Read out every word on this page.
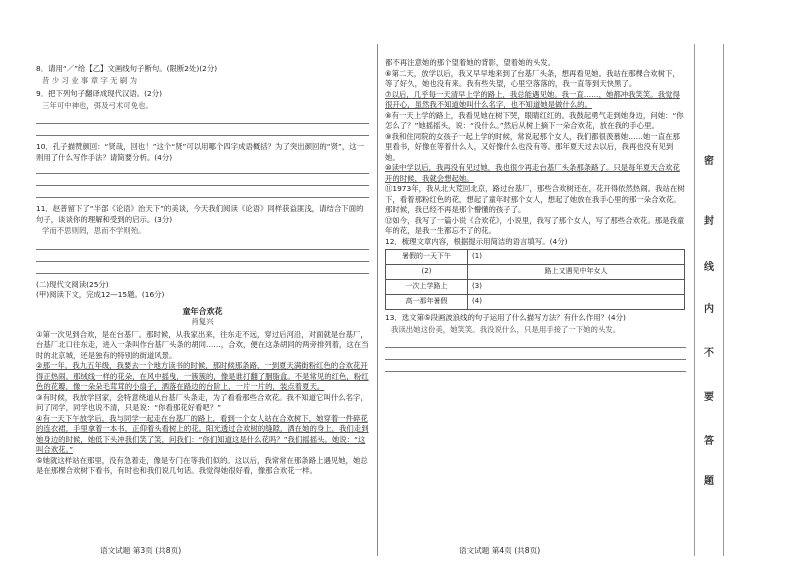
8．请用“／”给【乙】文画线句子断句。(限断2处)(2分)

昔 少 习 业 事 章 字 无 刷 为

9．把下列句子翻译成现代汉语。(2分)

三年可中神也，弭及弓术可免也。

10．孔子描赞颜回：“贤哉，回也！”这个“贤”可以用哪个四字成语概括？为了突出颜回的“贤”，这一则用了什么写作手法？请简要分析。(4分)

11．赵普留下了“半部《论语》治天下”的美谈，今天我们阅读《论语》同样获益匪浅，请结合下面的句子，谈谈你的理解和受到的启示。(3分)

学而不思则罔，思而不学则殆。

(二)现代文阅读(25分)

(甲)阅读下文，完成12—15题。(16分)

童年合欢花

肖复兴

①第一次见到合欢，是在台基厂。那时候，从我家出来，往东走不远，穿过后河沿，对面就是台基厂，台基厂北口往东走，进入一条叫作台基厂头条的胡同……，合欢，便在这条胡同的两旁排列着，这在当时的北京城，还是独有的特别的街道风景。

②那一年，我九五年级，我要去一个地方读书的时候，那时候那条路，一到夏天满街粉红色的合欢花开得正热闹。那绒线一样的花朵，在风中摇曳，一簇簇的，像是谁打翻了胭脂盒。不是常见的红色，粉红色的花瓣，像一朵朵毛茸茸的小扇子，洒落在路边的台阶上，一片一片的，装点着夏天。

③有时候，我放学回家，会特意绕道从台基厂头条走，为了看看那些合欢花。我不知道它叫什么名字，问了同学，同学也说不清，只是说：“你看那花好看吧？”

④有一天下午放学后，我与同学一起走在台基厂的路上，看到一个女人站在合欢树下，她穿着一件碎花的连衣裙，手里拿着一本书，正仰着头看树上的花。阳光透过合欢树的缝隙，洒在她的身上，我们走到她身边的时候，她低下头冲我们笑了笑，问我们：“你们知道这是什么花吗？”我们摇摇头。她说：“这叫合欢花。”

⑤她就这样站在那里，没有急着走，像是专门在等我们似的。这以后，我常常在那条路上遇见她，她总是在那棵合欢树下看书，有时也和我们说几句话。我觉得她很好看，像那合欢花一样。

语文试题 第3页 (共8页)

都不再注意她的那个望着她的背影，望着她的头发。

⑥第二天，放学以后，我又早早地来到了台基厂头条，想再看见她。我站在那棵合欢树下，等了好久，她也没有来。我有些失望，心里空落落的，我一直等到天快黑了。

⑦以后，几乎每一天清早上学的路上，我总能遇见她。我一直……，她都冲我笑笑。我觉得很开心，虽然我不知道她叫什么名字，也不知道她是做什么的。

⑧有一天上学的路上，我看见她在树下哭，眼睛红红的。我鼓起勇气走到她身边，问她：“你怎么了？”她摇摇头，说：“没什么。”然后从树上摘下一朵合欢花，放在我的手心里。

⑨我和住同院的女孩子一起上学的时候，常说起那个女人，我们都很羡慕她……她一直在那里看书，好像在等着什么人，又好像什么也没有等。那年夏天过去以后，我再也没有见到她。

⑩读中学以后，我再没有见过她，我也很少再走台基厂头条那条路了。只是每年夏天合欢花开的时候，我就会想起她。

⑪1973年，我从北大荒回北京，路过台基厂，那些合欢树还在，花开得依然热闹。我站在树下，看着那粉红色的花，想起了童年时那个女人，想起了她放在我手心里的那一朵合欢花。那时候，我已经不再是那个懵懂的孩子了。

⑫如今，我写了一篇小说《合欢花》，小说里，我写了那个女人，写了那些合欢花。那是我童年的花，是我一生都忘不了的花。

12．梳理文章内容，根据提示用简洁的语言填写。(4分)

暑假的一天下午	(1)
(2)	路上又遇见中年女人
一次上学路上	(3)
高一那年暑假	(4)

13．选文第⑤段画波浪线的句子运用了什么描写方法？有什么作用？(4分)

我读出她这份美，她笑笑。我没说什么，只是用手接了一下她的头发。

语文试题 第4页 (共8页)
密
封
线
内
不
要
答
题
